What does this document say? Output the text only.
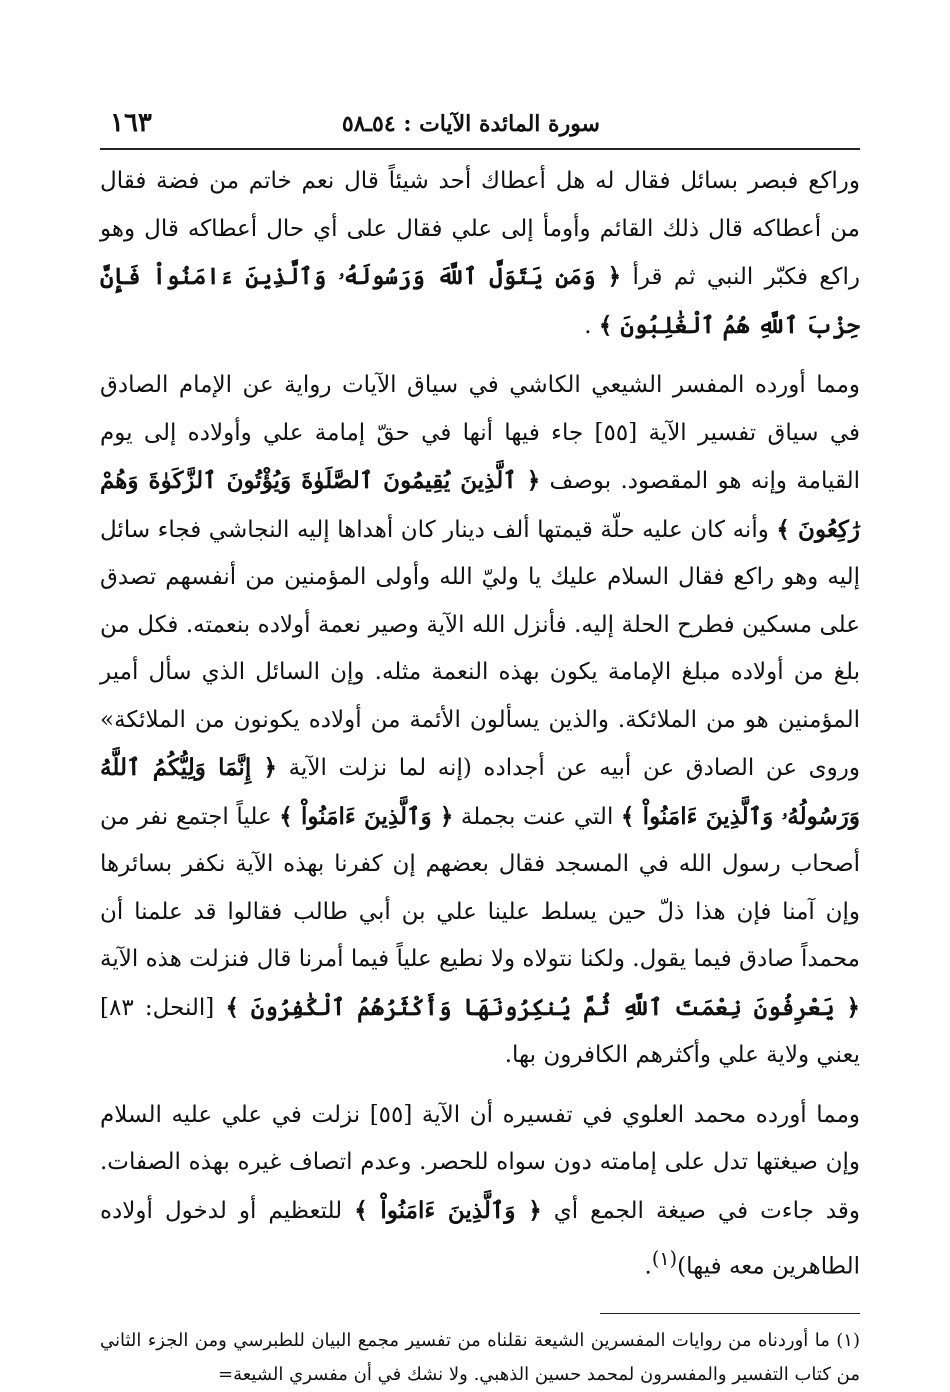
سورة المائدة الآيات : ٥٤ـ٥٨
١٦٣

وراكع فبصر بسائل فقال له هل أعطاك أحد شيئاً قال نعم خاتم من فضة فقال من أعطاكه قال ذلك القائم وأومأ إلى علي فقال على أي حال أعطاكه قال وهو راكع فكبّر النبي ثم قرأ ﴿ وَمَن يَتَوَلَّ ٱللَّهَ وَرَسُولَهُۥ وَٱلَّذِينَ ءَامَنُواْ فَإِنَّ حِزْبَ ٱللَّهِ هُمُ ٱلْغَٰلِبُونَ ﴾ .

ومما أورده المفسر الشيعي الكاشي في سياق الآيات رواية عن الإمام الصادق في سياق تفسير الآية [٥٥] جاء فيها أنها في حقّ إمامة علي وأولاده إلى يوم القيامة وإنه هو المقصود. بوصف ﴿ ٱلَّذِينَ يُقِيمُونَ ٱلصَّلَوٰةَ وَيُؤْتُونَ ٱلزَّكَوٰةَ وَهُمْ رَٰكِعُونَ ﴾ وأنه كان عليه حلّة قيمتها ألف دينار كان أهداها إليه النجاشي فجاء سائل إليه وهو راكع فقال السلام عليك يا وليّ الله وأولى المؤمنين من أنفسهم تصدق على مسكين فطرح الحلة إليه. فأنزل الله الآية وصير نعمة أولاده بنعمته. فكل من بلغ من أولاده مبلغ الإمامة يكون بهذه النعمة مثله. وإن السائل الذي سأل أمير المؤمنين هو من الملائكة. والذين يسألون الأئمة من أولاده يكونون من الملائكة» وروى عن الصادق عن أبيه عن أجداده (إنه لما نزلت الآية ﴿ إِنَّمَا وَلِيُّكُمُ ٱللَّهُ وَرَسُولُهُۥ وَٱلَّذِينَ ءَامَنُواْ ﴾ التي عنت بجملة ﴿ وَٱلَّذِينَ ءَامَنُواْ ﴾ علياً اجتمع نفر من أصحاب رسول الله في المسجد فقال بعضهم إن كفرنا بهذه الآية نكفر بسائرها وإن آمنا فإن هذا ذلّ حين يسلط علينا علي بن أبي طالب فقالوا قد علمنا أن محمداً صادق فيما يقول. ولكنا نتولاه ولا نطيع علياً فيما أمرنا قال فنزلت هذه الآية ﴿ يَعْرِفُونَ نِعْمَتَ ٱللَّهِ ثُمَّ يُنكِرُونَهَا وَأَكْثَرُهُمُ ٱلْكَٰفِرُونَ ﴾ [النحل: ٨٣] يعني ولاية علي وأكثرهم الكافرون بها.

ومما أورده محمد العلوي في تفسيره أن الآية [٥٥] نزلت في علي عليه السلام وإن صيغتها تدل على إمامته دون سواه للحصر. وعدم اتصاف غيره بهذه الصفات. وقد جاءت في صيغة الجمع أي ﴿ وَٱلَّذِينَ ءَامَنُواْ ﴾ للتعظيم أو لدخول أولاده الطاهرين معه فيها)$^{(١)}$.

(١) ما أوردناه من روايات المفسرين الشيعة نقلناه من تفسير مجمع البيان للطبرسي ومن الجزء الثاني من كتاب التفسير والمفسرون لمحمد حسين الذهبي. ولا نشك في أن مفسري الشيعة=
